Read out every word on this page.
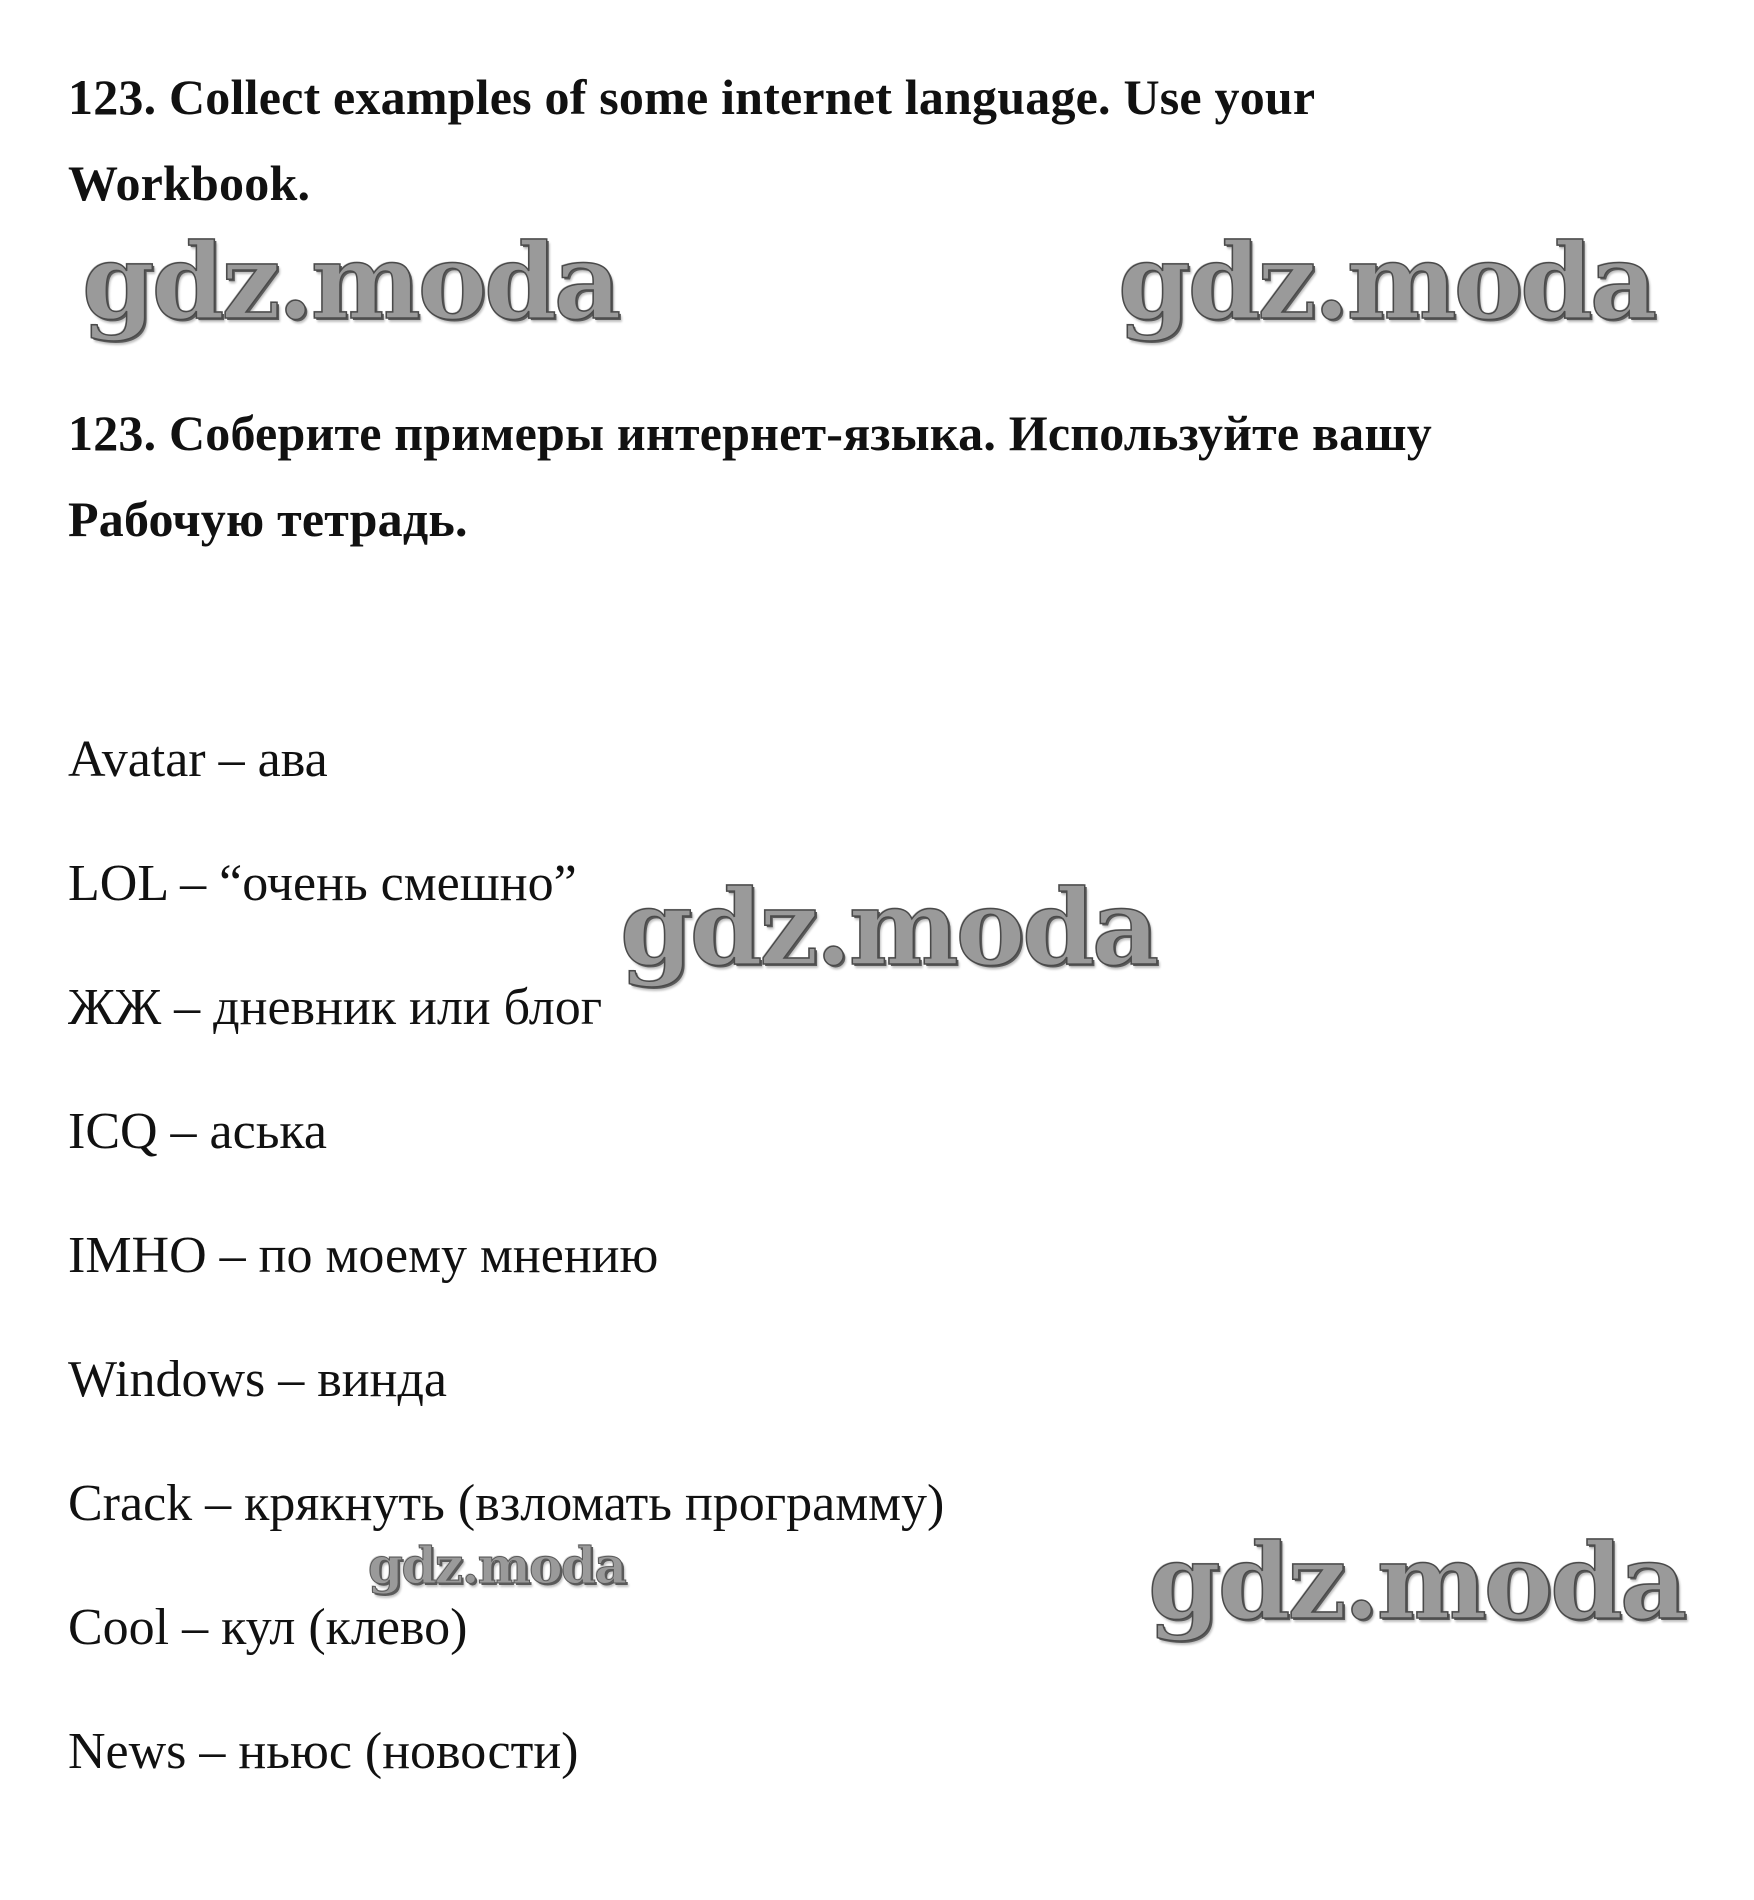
123. Collect examples of some internet language. Use your
Workbook.

123. Соберите примеры интернет-языка. Используйте вашу
Рабочую тетрадь.

Avatar – ава
LOL – “очень смешно”
ЖЖ – дневник или блог
ICQ – аська
IMHO – по моему мнению
Windows – винда
Crack – крякнуть (взломать программу)
Cool – кул (клево)
News – ньюс (новости)
gdz.moda	gdz.moda
gdz.moda
gdz.moda
gdz.moda
